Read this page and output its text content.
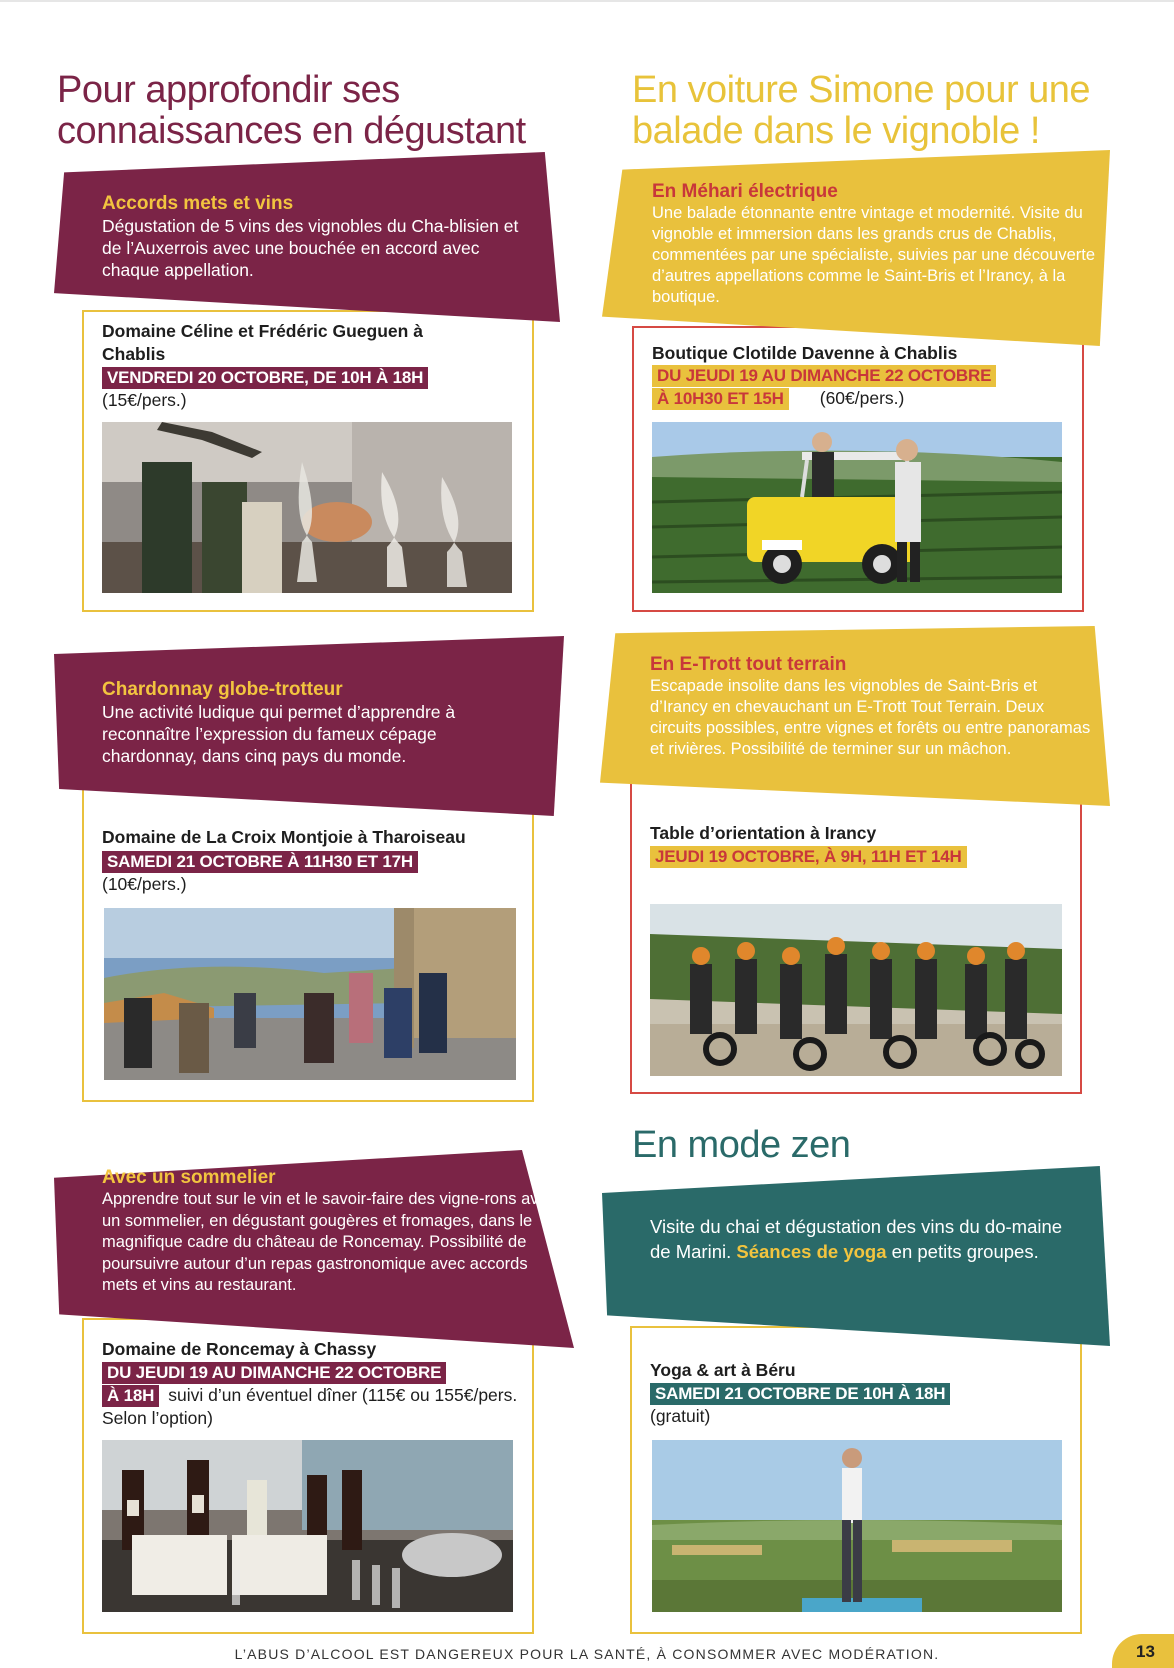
Pour approfondir ses connaissances en dégustant
En voiture Simone pour une balade dans le vignoble !
En mode zen
Accords mets et vins
Dégustation de 5 vins des vignobles du Cha-blisien et de l’Auxerrois avec une bouchée en accord avec chaque appellation.
Domaine Céline et Frédéric Gueguen à Chablis
VENDREDI 20 OCTOBRE, DE 10H À 18H
(15€/pers.)
En Méhari électrique
Une balade étonnante entre vintage et modernité. Visite du vignoble et immersion dans les grands crus de Chablis, commentées par une spécialiste, suivies par une découverte d’autres appellations comme le Saint-Bris et l’Irancy, à la boutique.
Boutique Clotilde Davenne à Chablis
DU JEUDI 19 AU DIMANCHE 22 OCTOBRE
À 10H30 ET 15H (60€/pers.)
Chardonnay globe-trotteur
Une activité ludique qui permet d’apprendre à reconnaître l’expression du fameux cépage chardonnay, dans cinq pays du monde.
Domaine de La Croix Montjoie à Tharoiseau
SAMEDI 21 OCTOBRE À 11H30 ET 17H
(10€/pers.)
En E-Trott tout terrain
Escapade insolite dans les vignobles de Saint-Bris et d’Irancy en chevauchant un E-Trott Tout Terrain. Deux circuits possibles, entre vignes et forêts ou entre panoramas et rivières. Possibilité de terminer sur un mâchon.
Table d’orientation à Irancy
JEUDI 19 OCTOBRE, À 9H, 11H ET 14H
Avec un sommelier
Apprendre tout sur le vin et le savoir-faire des vigne-rons avec un sommelier, en dégustant gougères et fromages, dans le magnifique cadre du château de Roncemay. Possibilité de poursuivre autour d’un repas gastronomique avec accords mets et vins au restaurant.
Domaine de Roncemay à Chassy
DU JEUDI 19 AU DIMANCHE 22 OCTOBRE
À 18H suivi d’un éventuel dîner (115€ ou 155€/pers. Selon l’option)
Visite du chai et dégustation des vins du do-maine de Marini. Séances de yoga en petits groupes.
Yoga & art à Béru
SAMEDI 21 OCTOBRE DE 10H À 18H
(gratuit)
L’ABUS D’ALCOOL EST DANGEREUX POUR LA SANTÉ, À CONSOMMER AVEC MODÉRATION.	13
